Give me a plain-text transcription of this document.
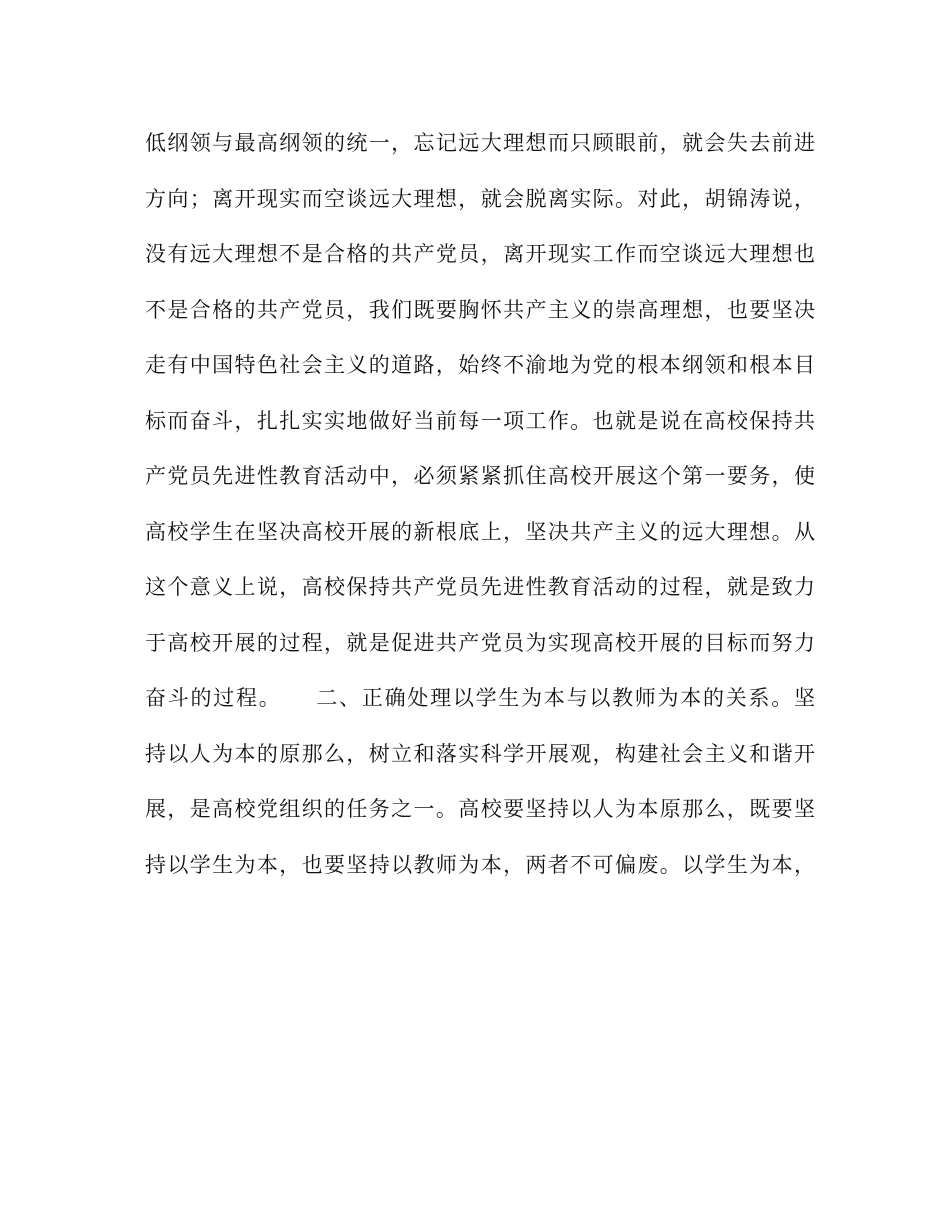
低纲领与最高纲领的统一，忘记远大理想而只顾眼前，就会失去前进
方向；离开现实而空谈远大理想，就会脱离实际。对此，胡锦涛说，
没有远大理想不是合格的共产党员，离开现实工作而空谈远大理想也
不是合格的共产党员，我们既要胸怀共产主义的崇高理想，也要坚决
走有中国特色社会主义的道路，始终不渝地为党的根本纲领和根本目
标而奋斗，扎扎实实地做好当前每一项工作。也就是说在高校保持共
产党员先进性教育活动中，必须紧紧抓住高校开展这个第一要务，使
高校学生在坚决高校开展的新根底上，坚决共产主义的远大理想。从
这个意义上说，高校保持共产党员先进性教育活动的过程，就是致力
于高校开展的过程，就是促进共产党员为实现高校开展的目标而努力
奋斗的过程。　　二、正确处理以学生为本与以教师为本的关系。坚
持以人为本的原那么，树立和落实科学开展观，构建社会主义和谐开
展，是高校党组织的任务之一。高校要坚持以人为本原那么，既要坚
持以学生为本，也要坚持以教师为本，两者不可偏废。以学生为本，
